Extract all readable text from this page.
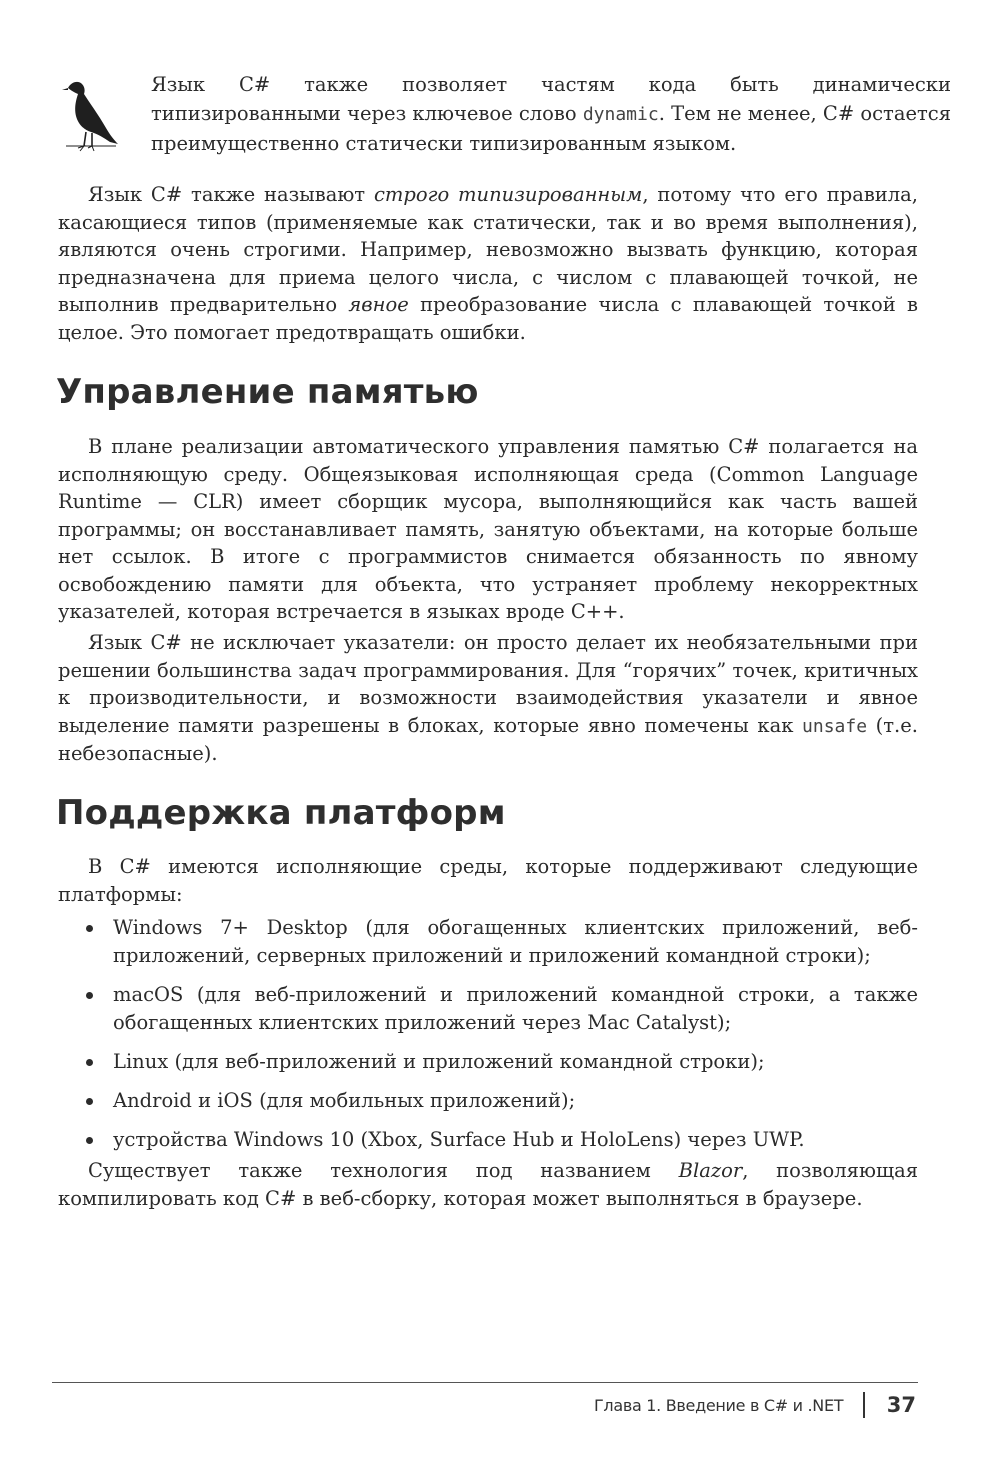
Язык C# также позволяет частям кода быть динамически типизированными через ключевое слово dynamic. Тем не менее, C# остается преимущественно статически типизированным языком.

Язык C# также называют строго типизированным, потому что его правила, касающиеся типов (применяемые как статически, так и во время выполнения), являются очень строгими. Например, невозможно вызвать функцию, которая предназначена для приема целого числа, с числом с плавающей точкой, не выполнив предварительно явное преобразование числа с плавающей точкой в целое. Это помогает предотвращать ошибки.

Управление памятью

В плане реализации автоматического управления памятью C# полагается на исполняющую среду. Общеязыковая исполняющая среда (Common Language Runtime — CLR) имеет сборщик мусора, выполняющийся как часть вашей программы; он восстанавливает память, занятую объектами, на которые больше нет ссылок. В итоге с программистов снимается обязанность по явному освобождению памяти для объекта, что устраняет проблему некорректных указателей, которая встречается в языках вроде C++.

Язык C# не исключает указатели: он просто делает их необязательными при решении большинства задач программирования. Для “горячих” точек, критичных к производительности, и возможности взаимодействия указатели и явное выделение памяти разрешены в блоках, которые явно помечены как unsafe (т.е. небезопасные).

Поддержка платформ

В C# имеются исполняющие среды, которые поддерживают следующие платформы:

Windows 7+ Desktop (для обогащенных клиентских приложений, веб-приложений, серверных приложений и приложений командной строки);
macOS (для веб-приложений и приложений командной строки, а также обогащенных клиентских приложений через Mac Catalyst);
Linux (для веб-приложений и приложений командной строки);
Android и iOS (для мобильных приложений);
устройства Windows 10 (Xbox, Surface Hub и HoloLens) через UWP.

Существует также технология под названием Blazor, позволяющая компилировать код C# в веб-сборку, которая может выполняться в браузере.

Глава 1. Введение в C# и .NET 37
